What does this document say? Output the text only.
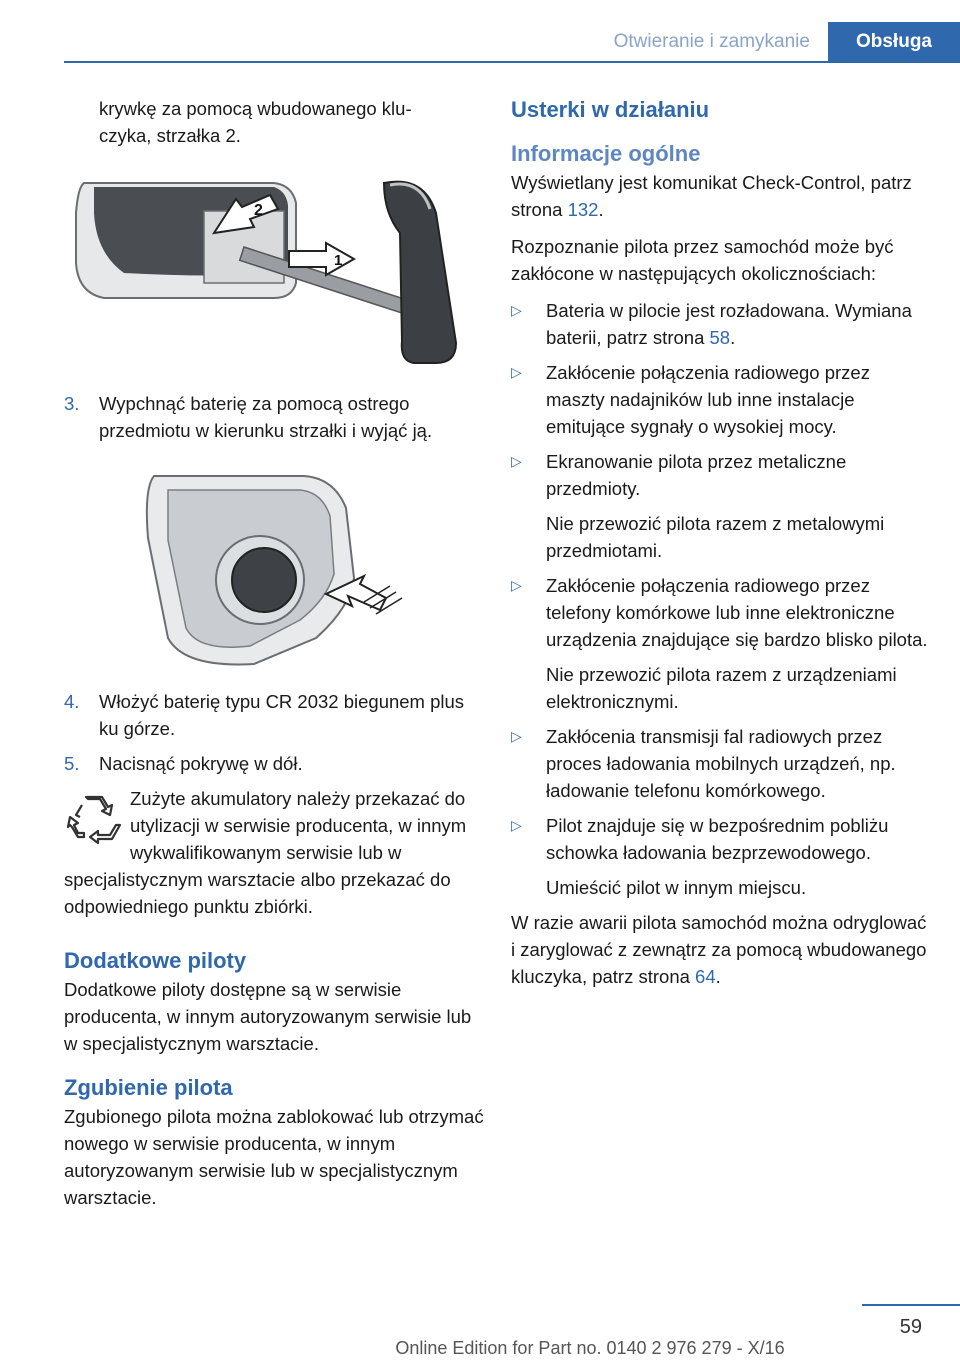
Otwieranie i zamykanie	Obsługa
krywkę za pomocą wbudowanego klu-
czyka, strzałka 2.
2
1
3.	Wypchnąć baterię za pomocą ostrego przedmiotu w kierunku strzałki i wyjąć ją.
4.	Włożyć baterię typu CR 2032 biegunem plus ku górze.
5.	Nacisnąć pokrywę w dół.
Zużyte akumulatory należy przekazać do utylizacji w serwisie producenta, w innym wykwalifikowanym serwisie lub w specjalistycznym warsztacie albo przekazać do odpowiedniego punktu zbiórki.
Dodatkowe piloty
Dodatkowe piloty dostępne są w serwisie producenta, w innym autoryzowanym serwisie lub w specjalistycznym warsztacie.
Zgubienie pilota
Zgubionego pilota można zablokować lub otrzymać nowego w serwisie producenta, w innym autoryzowanym serwisie lub w specjalistycznym warsztacie.
Usterki w działaniu
Informacje ogólne
Wyświetlany jest komunikat Check-Control, patrz strona 132.
Rozpoznanie pilota przez samochód może być zakłócone w następujących okolicznościach:
▷	Bateria w pilocie jest rozładowana. Wymiana baterii, patrz strona 58.
▷	Zakłócenie połączenia radiowego przez maszty nadajników lub inne instalacje emitujące sygnały o wysokiej mocy.
▷	Ekranowanie pilota przez metaliczne przedmioty.
Nie przewozić pilota razem z metalowymi przedmiotami.
▷	Zakłócenie połączenia radiowego przez telefony komórkowe lub inne elektroniczne urządzenia znajdujące się bardzo blisko pilota.
Nie przewozić pilota razem z urządzeniami elektronicznymi.
▷	Zakłócenia transmisji fal radiowych przez proces ładowania mobilnych urządzeń, np. ładowanie telefonu komórkowego.
▷	Pilot znajduje się w bezpośrednim pobliżu schowka ładowania bezprzewodowego.
Umieścić pilot w innym miejscu.
W razie awarii pilota samochód można odryglować i zaryglować z zewnątrz za pomocą wbudowanego kluczyka, patrz strona 64.
59
Online Edition for Part no. 0140 2 976 279 - X/16
